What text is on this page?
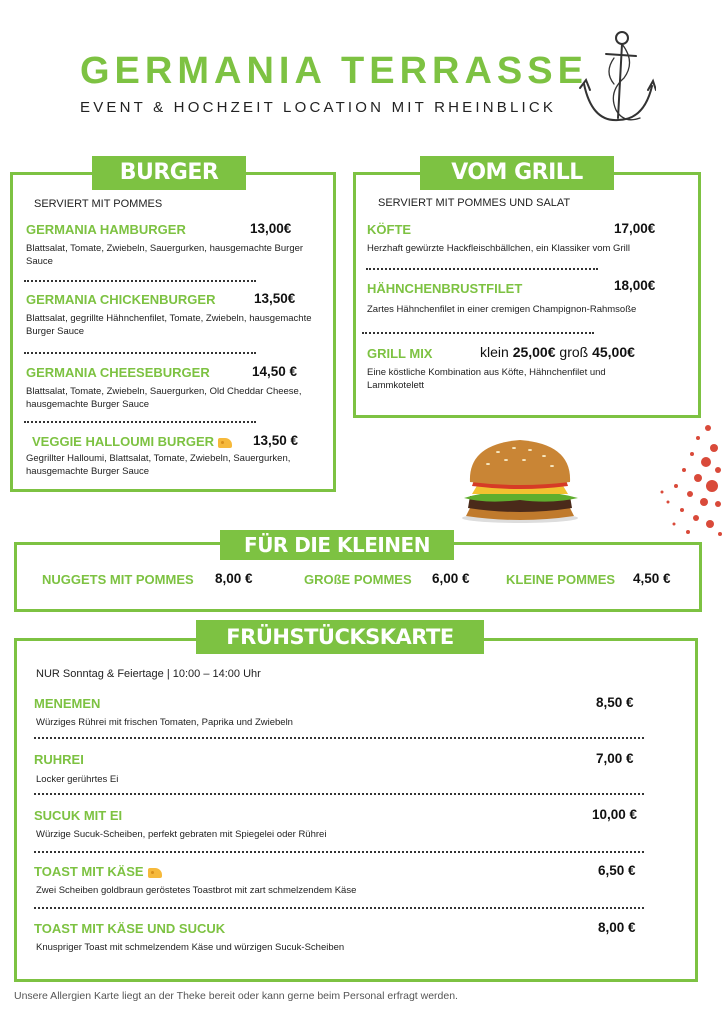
GERMANIA TERRASSE
EVENT & HOCHZEIT LOCATION MIT RHEINBLICK
BURGER
SERVIERT MIT POMMES
GERMANIA HAMBURGER	13,00€
Blattsalat, Tomate, Zwiebeln, Sauergurken, hausgemachte Burger Sauce
GERMANIA CHICKENBURGER	13,50€
Blattsalat, gegrillte Hähnchenfilet, Tomate, Zwiebeln, hausgemachte Burger Sauce
GERMANIA CHEESEBURGER	14,50 €
Blattsalat, Tomate, Zwiebeln, Sauergurken, Old Cheddar Cheese, hausgemachte Burger Sauce
VEGGIE HALLOUMI BURGER	13,50 €
Gegrillter Halloumi, Blattsalat, Tomate, Zwiebeln, Sauergurken, hausgemachte Burger Sauce
VOM GRILL
SERVIERT MIT POMMES UND SALAT
KÖFTE	17,00€
Herzhaft gewürzte Hackfleischbällchen, ein Klassiker vom Grill
HÄHNCHENBRUSTFILET	18,00€
Zartes Hähnchenfilet in einer cremigen Champignon-Rahmsoße
GRILL MIX	klein 25,00€ groß 45,00€
Eine köstliche Kombination aus Köfte, Hähnchenfilet und Lammkotelett
FÜR DIE KLEINEN
NUGGETS MIT POMMES 8,00 €	GROßE POMMES 6,00 €	KLEINE POMMES 4,50 €
FRÜHSTÜCKSKARTE
NUR Sonntag & Feiertage | 10:00 – 14:00 Uhr
MENEMEN	8,50 €
Würziges Rührei mit frischen Tomaten, Paprika und Zwiebeln
RUHREI	7,00 €
Locker gerührtes Ei
SUCUK MIT EI	10,00 €
Würzige Sucuk-Scheiben, perfekt gebraten mit Spiegelei oder Rührei
TOAST MIT KÄSE	6,50 €
Zwei Scheiben goldbraun geröstetes Toastbrot mit zart schmelzendem Käse
TOAST MIT KÄSE UND SUCUK	8,00 €
Knuspriger Toast mit schmelzendem Käse und würzigen Sucuk-Scheiben
Unsere Allergien Karte liegt an der Theke bereit oder kann gerne beim Personal erfragt werden.
